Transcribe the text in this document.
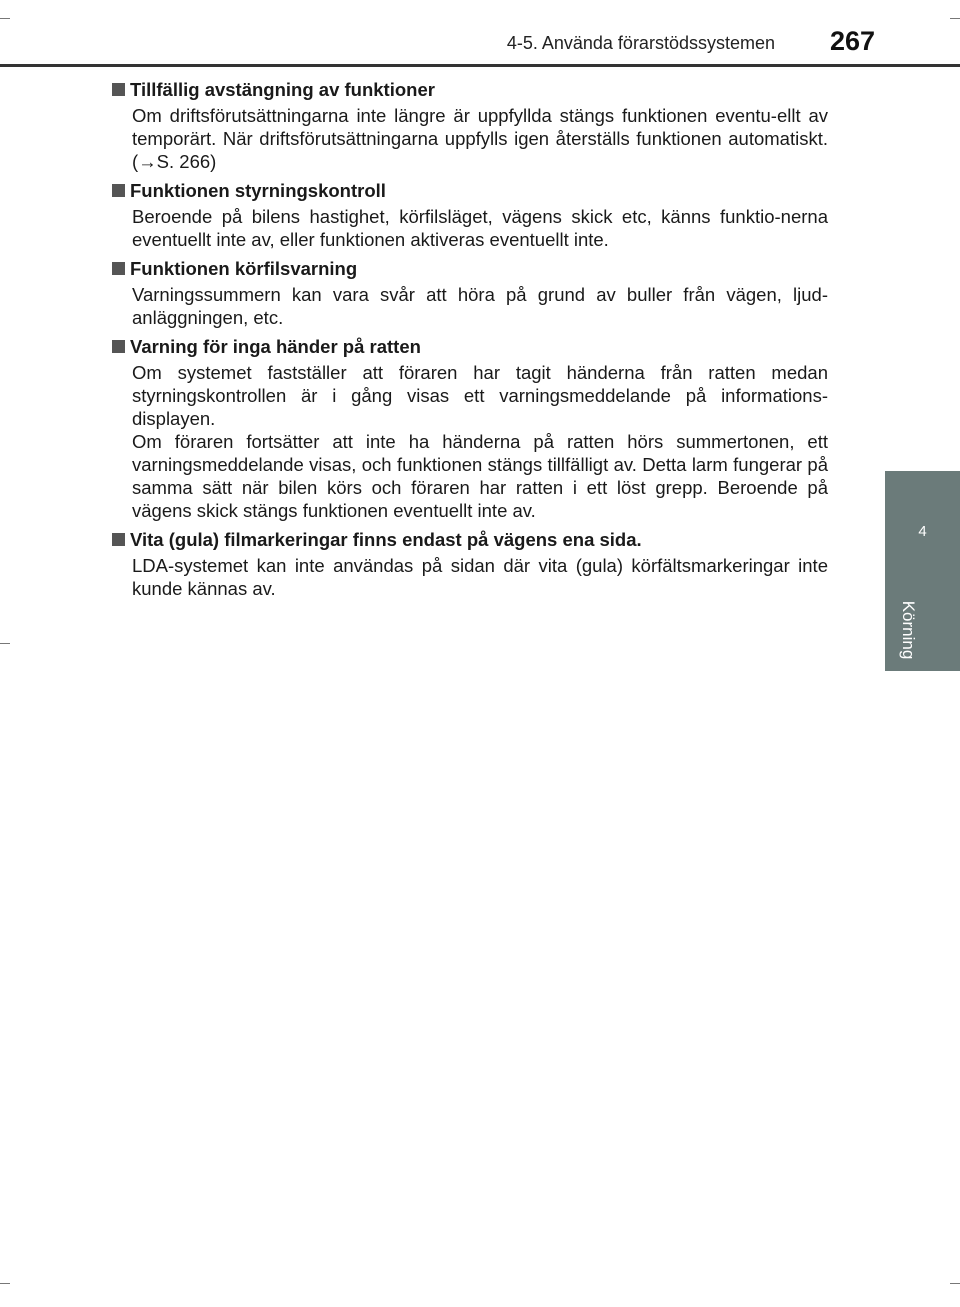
4-5. Använda förarstödssystemen 267
4
Körning
Tillfällig avstängning av funktioner

Om driftsförutsättningarna inte längre är uppfyllda stängs funktionen eventu-ellt av temporärt. När driftsförutsättningarna uppfylls igen återställs funktionen automatiskt. (→S. 266)

Funktionen styrningskontroll

Beroende på bilens hastighet, körfilsläget, vägens skick etc, känns funktio-nerna eventuellt inte av, eller funktionen aktiveras eventuellt inte.

Funktionen körfilsvarning

Varningssummern kan vara svår att höra på grund av buller från vägen, ljud-anläggningen, etc.

Varning för inga händer på ratten

Om systemet fastställer att föraren har tagit händerna från ratten medan styrningskontrollen är i gång visas ett varningsmeddelande på informations-displayen.

Om föraren fortsätter att inte ha händerna på ratten hörs summertonen, ett varningsmeddelande visas, och funktionen stängs tillfälligt av. Detta larm fungerar på samma sätt när bilen körs och föraren har ratten i ett löst grepp. Beroende på vägens skick stängs funktionen eventuellt inte av.

Vita (gula) filmarkeringar finns endast på vägens ena sida.

LDA-systemet kan inte användas på sidan där vita (gula) körfältsmarkeringar inte kunde kännas av.
